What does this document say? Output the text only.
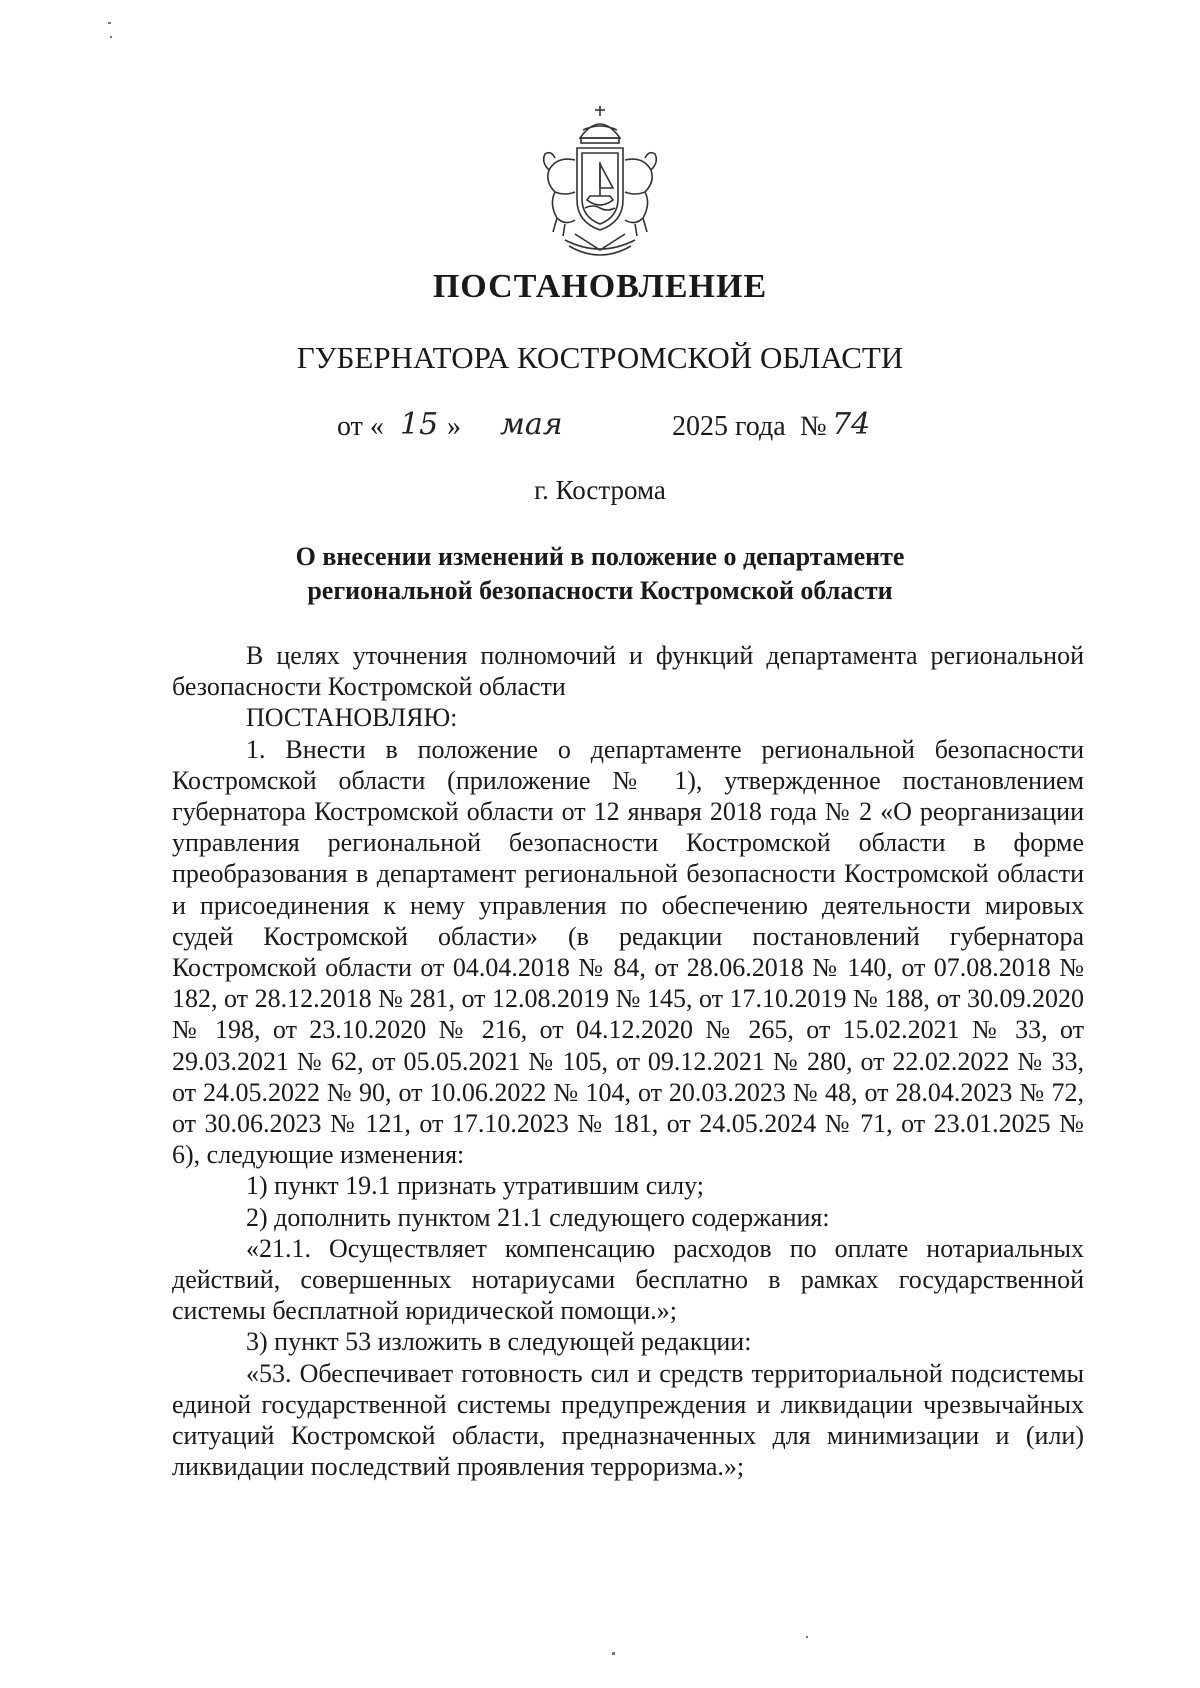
ПОСТАНОВЛЕНИЕ
ГУБЕРНАТОРА КОСТРОМСКОЙ ОБЛАСТИ
от « 15 » мая	2025 года № 74
г. Кострома
О внесении изменений в положение о департаменте
региональной безопасности Костромской области

В целях уточнения полномочий и функций департамента региональной безопасности Костромской области

ПОСТАНОВЛЯЮ:

1. Внести в положение о департаменте региональной безопасности Костромской области (приложение № 1), утвержденное постановлением губернатора Костромской области от 12 января 2018 года № 2 «О реорганизации управления региональной безопасности Костромской области в форме преобразования в департамент региональной безопасности Костромской области и присоединения к нему управления по обеспечению деятельности мировых судей Костромской области» (в редакции постановлений губернатора Костромской области от 04.04.2018 № 84, от 28.06.2018 № 140, от 07.08.2018 № 182, от 28.12.2018 № 281, от 12.08.2019 № 145, от 17.10.2019 № 188, от 30.09.2020 № 198, от 23.10.2020 № 216, от 04.12.2020 № 265, от 15.02.2021 № 33, от 29.03.2021 № 62, от 05.05.2021 № 105, от 09.12.2021 № 280, от 22.02.2022 № 33, от 24.05.2022 № 90, от 10.06.2022 № 104, от 20.03.2023 № 48, от 28.04.2023 № 72, от 30.06.2023 № 121, от 17.10.2023 № 181, от 24.05.2024 № 71, от 23.01.2025 № 6), следующие изменения:

1) пункт 19.1 признать утратившим силу;

2) дополнить пунктом 21.1 следующего содержания:

«21.1. Осуществляет компенсацию расходов по оплате нотариальных действий, совершенных нотариусами бесплатно в рамках государственной системы бесплатной юридической помощи.»;

3) пункт 53 изложить в следующей редакции:

«53. Обеспечивает готовность сил и средств территориальной подсистемы единой государственной системы предупреждения и ликвидации чрезвычайных ситуаций Костромской области, предназначенных для минимизации и (или) ликвидации последствий проявления терроризма.»;
